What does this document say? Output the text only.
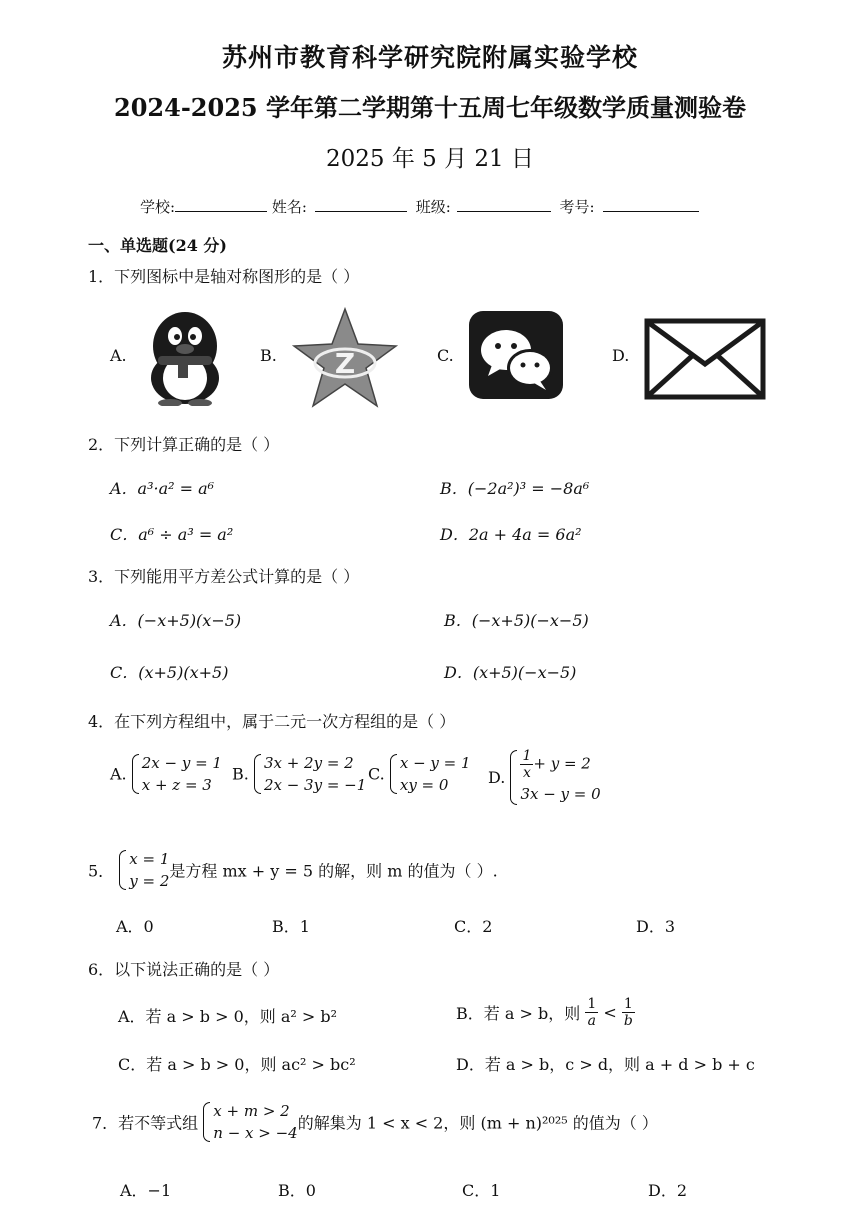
苏州市教育科学研究院附属实验学校
2024-2025 学年第二学期第十五周七年级数学质量测验卷
2025 年 5 月 21 日
学校:	姓名:	班级:	考号:
一、单选题(24 分)
1．下列图标中是轴对称图形的是（ ）
A.	B.	C.	D.
Z
2．下列计算正确的是（ ）
A．a³·a² = a⁶	B．(−2a²)³ = −8a⁶
C．a⁶ ÷ a³ = a²	D．2a + 4a = 6a²
3．下列能用平方差公式计算的是（ ）
A．(−x+5)(x−5)	B．(−x+5)(−x−5)
C．(x+5)(x+5)	D．(x+5)(−x−5)
4．在下列方程组中，属于二元一次方程组的是（ ）
A. 2x − y = 1
x + z = 3
B. 3x + 2y = 2
2x − 3y = −1
C. x − y = 1
xy = 0	D. $\frac{1}{x} + y = 2$
3x − y = 0
5． x = 1
y = 2是方程 mx + y = 5 的解，则 m 的值为（ ）.
A．0	B．1	C．2	D．3
6．以下说法正确的是（ ）
A．若 a > b > 0，则 a² > b²	B．若 a > b，则 $\frac{1}{a} < \frac{1}{b}$
C．若 a > b > 0，则 ac² > bc²	D．若 a > b，c > d，则 a + d > b + c
7．若不等式组 x + m > 2
n − x > −4的解集为 1 < x < 2，则 (m + n)²⁰²⁵ 的值为（ ）
A．−1	B．0	C．1	D．2
